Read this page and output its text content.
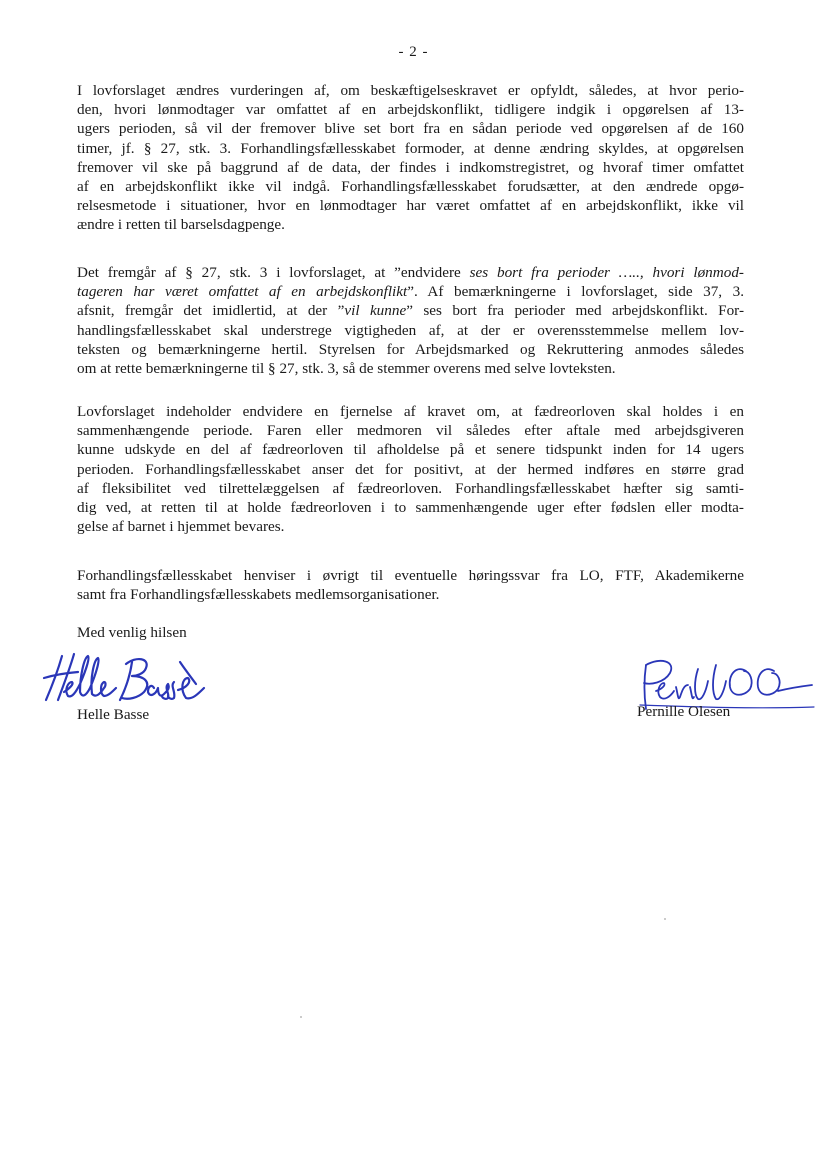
- 2 -

I lovforslaget ændres vurderingen af, om beskæftigelseskravet er opfyldt, således, at hvor perio-
den, hvori lønmodtager var omfattet af en arbejdskonflikt, tidligere indgik i opgørelsen af 13-
ugers perioden, så vil der fremover blive set bort fra en sådan periode ved opgørelsen af de 160
timer, jf. § 27, stk. 3. Forhandlingsfællesskabet formoder, at denne ændring skyldes, at opgørelsen
fremover vil ske på baggrund af de data, der findes i indkomstregistret, og hvoraf timer omfattet
af en arbejdskonflikt ikke vil indgå. Forhandlingsfællesskabet forudsætter, at den ændrede opgø-
relsesmetode i situationer, hvor en lønmodtager har været omfattet af en arbejdskonflikt, ikke vil
ændre i retten til barselsdagpenge.

Det fremgår af § 27, stk. 3 i lovforslaget, at ”endvidere ses bort fra perioder ….., hvori lønmod-
tageren har været omfattet af en arbejdskonflikt”. Af bemærkningerne i lovforslaget, side 37, 3.
afsnit, fremgår det imidlertid, at der ”vil kunne” ses bort fra perioder med arbejdskonflikt. For-
handlingsfællesskabet skal understrege vigtigheden af, at der er overensstemmelse mellem lov-
teksten og bemærkningerne hertil. Styrelsen for Arbejdsmarked og Rekruttering anmodes således
om at rette bemærkningerne til § 27, stk. 3, så de stemmer overens med selve lovteksten.

Lovforslaget indeholder endvidere en fjernelse af kravet om, at fædreorloven skal holdes i en
sammenhængende periode. Faren eller medmoren vil således efter aftale med arbejdsgiveren
kunne udskyde en del af fædreorloven til afholdelse på et senere tidspunkt inden for 14 ugers
perioden. Forhandlingsfællesskabet anser det for positivt, at der hermed indføres en større grad
af fleksibilitet ved tilrettelæggelsen af fædreorloven. Forhandlingsfællesskabet hæfter sig samti-
dig ved, at retten til at holde fædreorloven i to sammenhængende uger efter fødslen eller modta-
gelse af barnet i hjemmet bevares.

Forhandlingsfællesskabet henviser i øvrigt til eventuelle høringssvar fra LO, FTF, Akademikerne
samt fra Forhandlingsfællesskabets medlemsorganisationer.

Med venlig hilsen
Helle Basse	Pernille Olesen
